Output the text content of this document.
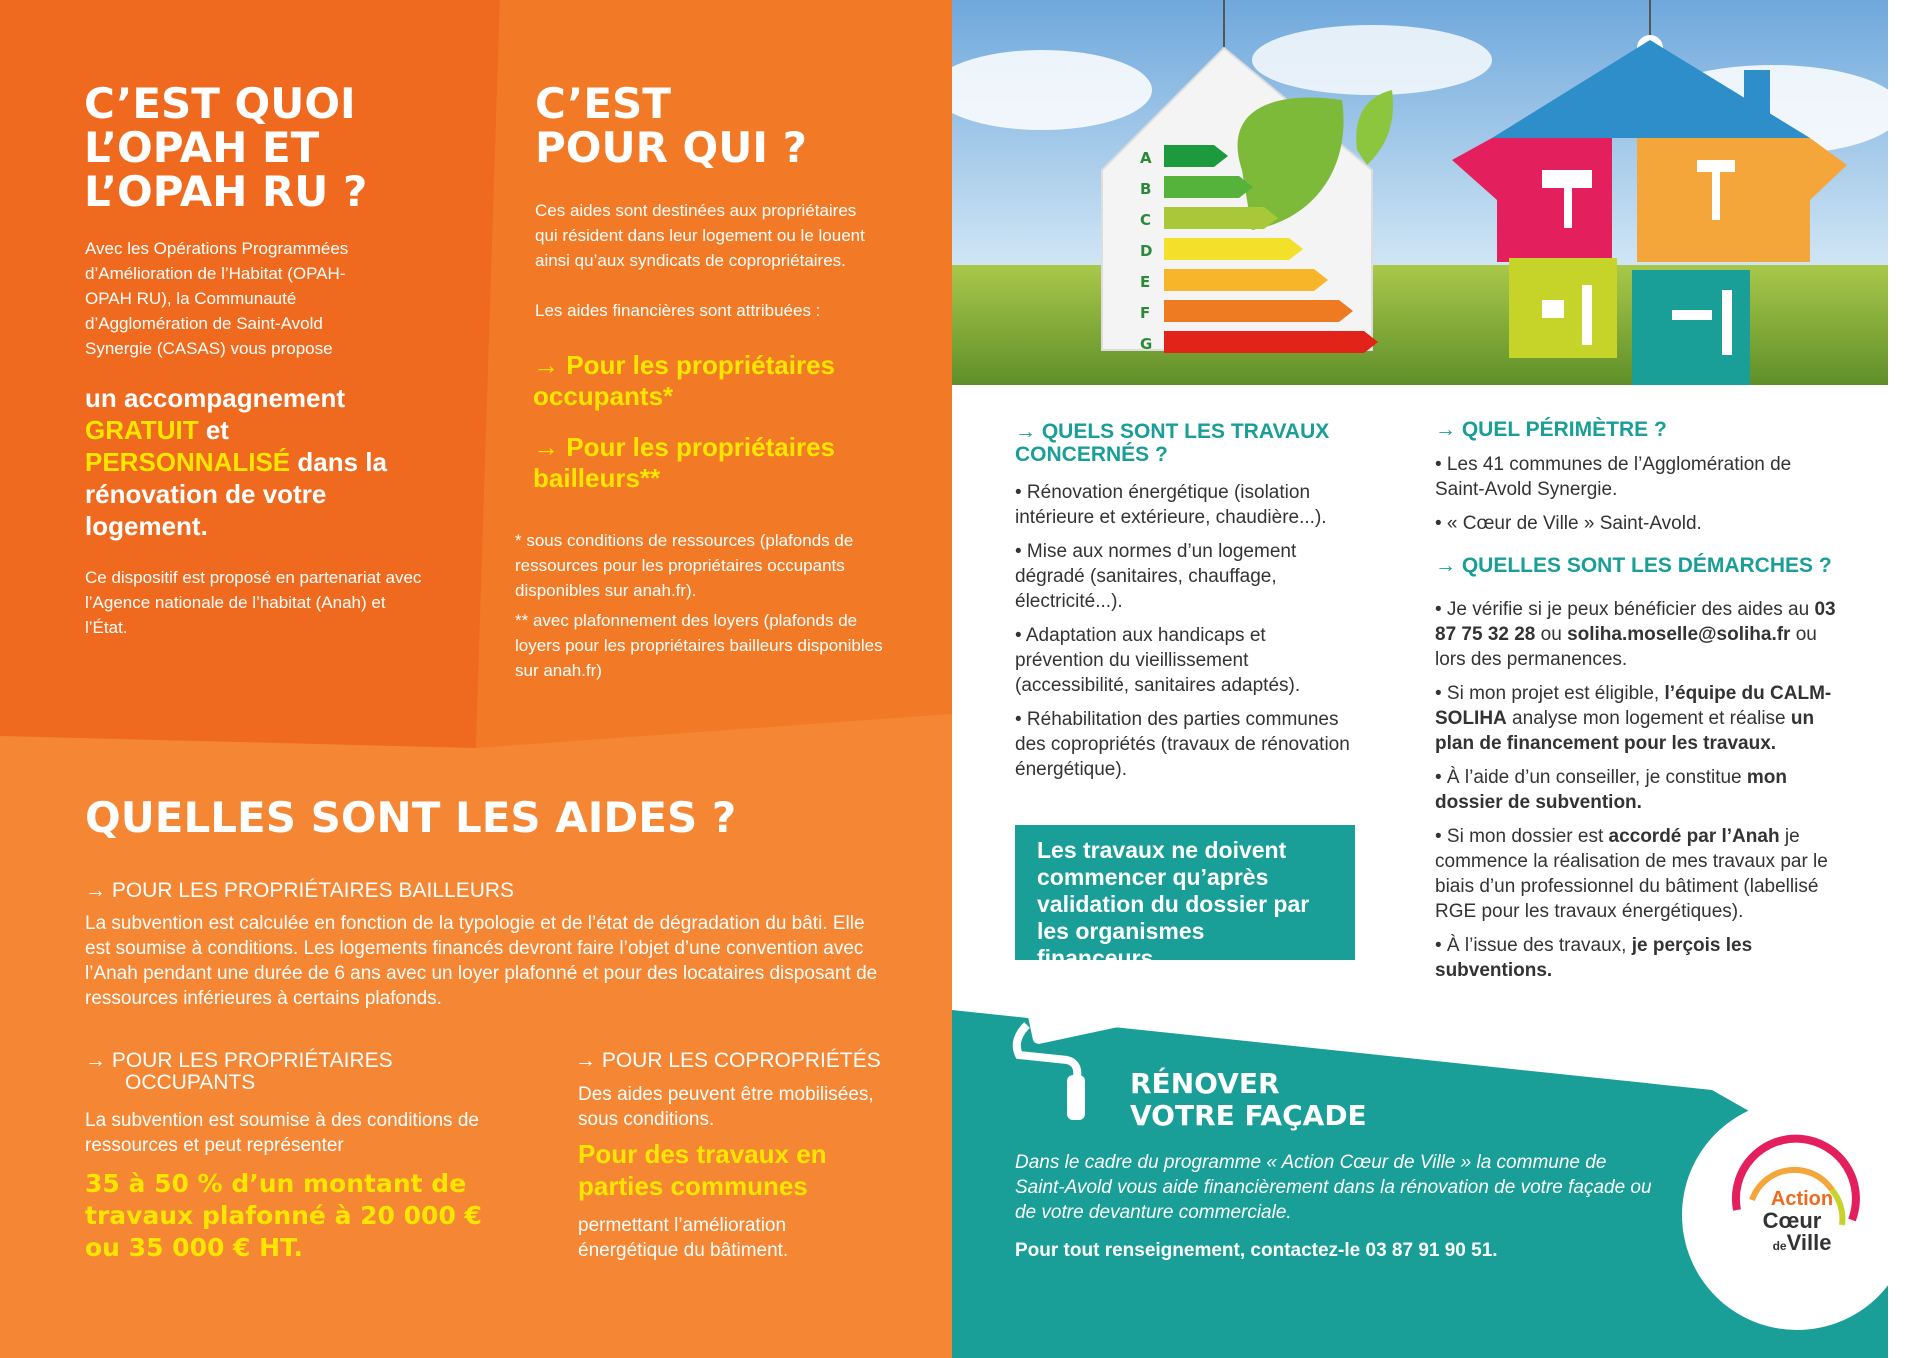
C’EST QUOI
L’OPAH ET
L’OPAH RU ?
Avec les Opérations Programmées d’Amélioration de l’Habitat (OPAH-OPAH RU), la Communauté d’Agglomération de Saint-Avold Synergie (CASAS) vous propose
un accompagnement
GRATUIT et
PERSONNALISÉ dans la rénovation de votre logement.
Ce dispositif est proposé en partenariat avec l’Agence nationale de l’habitat (Anah) et l’État.
C’EST
POUR QUI ?
Ces aides sont destinées aux propriétaires qui résident dans leur logement ou le louent ainsi qu’aux syndicats de copropriétaires.
Les aides financières sont attribuées :
→ Pour les propriétaires occupants*
→ Pour les propriétaires bailleurs**
* sous conditions de ressources (plafonds de ressources pour les propriétaires occupants disponibles sur anah.fr).
** avec plafonnement des loyers (plafonds de loyers pour les propriétaires bailleurs disponibles sur anah.fr)
QUELLES SONT LES AIDES ?
→ POUR LES PROPRIÉTAIRES BAILLEURS
La subvention est calculée en fonction de la typologie et de l’état de dégradation du bâti. Elle est soumise à conditions. Les logements financés devront faire l’objet d’une convention avec l’Anah pendant une durée de 6 ans avec un loyer plafonné et pour des locataires disposant de ressources inférieures à certains plafonds.
→ POUR LES PROPRIÉTAIRES
OCCUPANTS
La subvention est soumise à des conditions de ressources et peut représenter
35 à 50 % d’un montant de travaux plafonné à 20 000 € ou 35 000 € HT.
→ POUR LES COPROPRIÉTÉS
Des aides peuvent être mobilisées, sous conditions.
Pour des travaux en parties communes
permettant l’amélioration énergétique du bâtiment.
A
B
C
D
E
F
G
→ QUELS SONT LES TRAVAUX CONCERNÉS ?

• Rénovation énergétique (isolation intérieure et extérieure, chaudière...).

• Mise aux normes d’un logement dégradé (sanitaires, chauffage, électricité...).

• Adaptation aux handicaps et prévention du vieillissement (accessibilité, sanitaires adaptés).

• Réhabilitation des parties communes des copropriétés (travaux de rénovation énergétique).

Les travaux ne doivent commencer qu’après validation du dossier par les organismes financeurs.
→ QUEL PÉRIMÈTRE ?

• Les 41 communes de l’Agglomération de Saint-Avold Synergie.

• « Cœur de Ville » Saint-Avold.

→ QUELLES SONT LES DÉMARCHES ?

• Je vérifie si je peux bénéficier des aides au 03 87 75 32 28 ou soliha.moselle@soliha.fr ou lors des permanences.

• Si mon projet est éligible, l’équipe du CALM-SOLIHA analyse mon logement et réalise un plan de financement pour les travaux.

• À l’aide d’un conseiller, je constitue mon dossier de subvention.

• Si mon dossier est accordé par l’Anah je commence la réalisation de mes travaux par le biais d’un professionnel du bâtiment (labellisé RGE pour les travaux énergétiques).

• À l’issue des travaux, je perçois les subventions.

RÉNOVER
VOTRE FAÇADE
Dans le cadre du programme « Action Cœur de Ville » la commune de Saint-Avold vous aide financièrement dans la rénovation de votre façade ou de votre devanture commerciale.
Pour tout renseignement, contactez-le 03 87 91 90 51.
Action
Cœur
deVille
